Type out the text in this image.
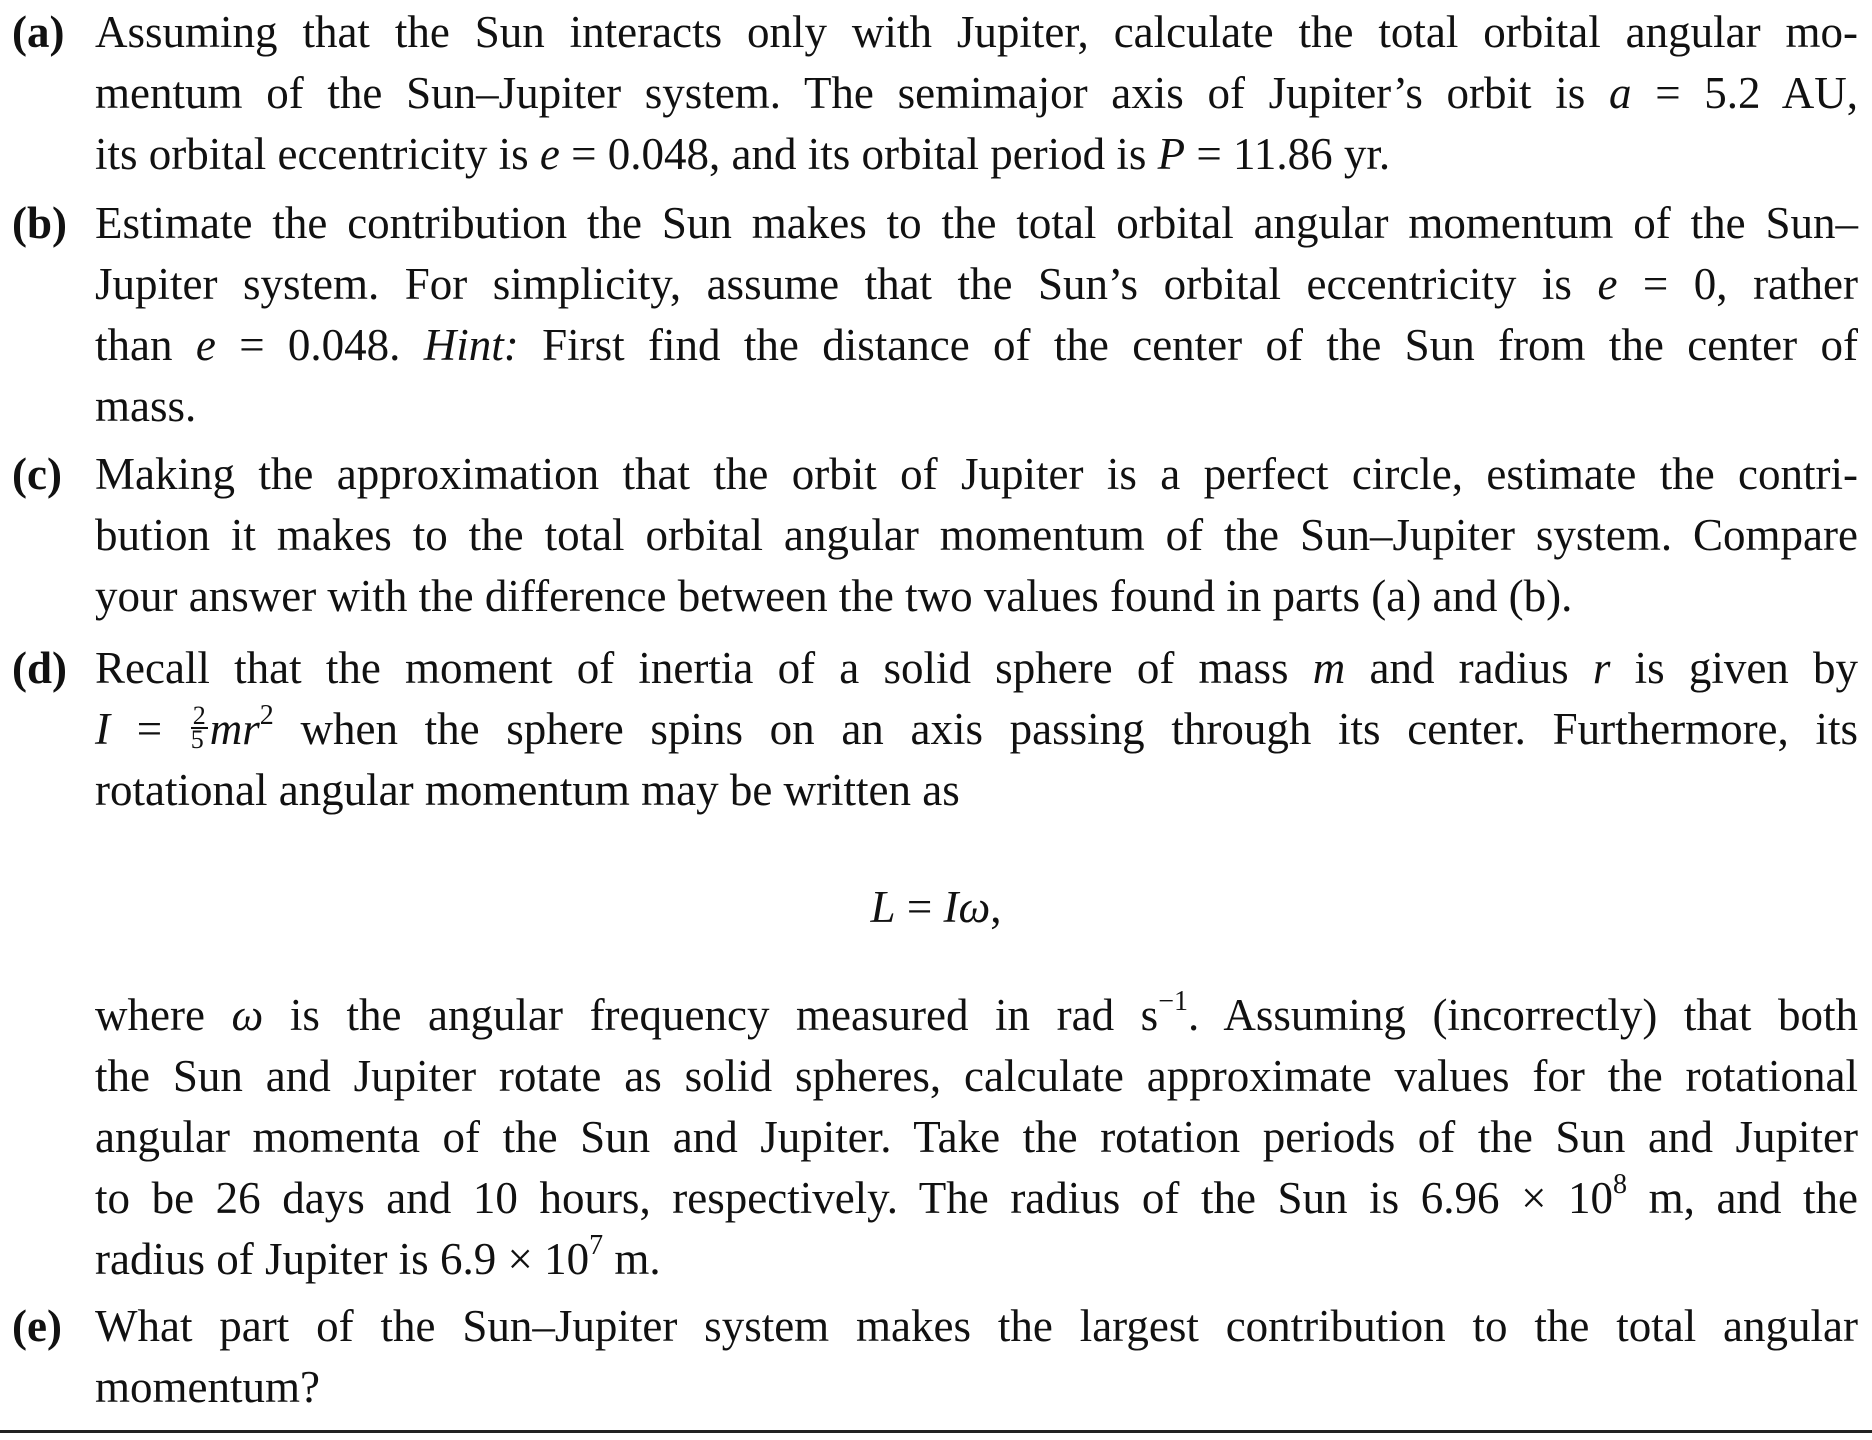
(a) Assuming that the Sun interacts only with Jupiter, calculate the total orbital angular mo-
mentum of the Sun–Jupiter system. The semimajor axis of Jupiter’s orbit is a = 5.2 AU,
its orbital eccentricity is e = 0.048, and its orbital period is P = 11.86 yr.
(b) Estimate the contribution the Sun makes to the total orbital angular momentum of the Sun–
Jupiter system. For simplicity, assume that the Sun’s orbital eccentricity is e = 0, rather
than e = 0.048. Hint: First find the distance of the center of the Sun from the center of
mass.
(c) Making the approximation that the orbit of Jupiter is a perfect circle, estimate the contri-
bution it makes to the total orbital angular momentum of the Sun–Jupiter system. Compare
your answer with the difference between the two values found in parts (a) and (b).
(d) Recall that the moment of inertia of a solid sphere of mass m and radius r is given by
$I = \frac{2}{5} mr^2$ when the sphere spins on an axis passing through its center. Furthermore, its
rotational angular momentum may be written as
L = Iω,
where ω is the angular frequency measured in rad $s^{-1}$. Assuming (incorrectly) that both
the Sun and Jupiter rotate as solid spheres, calculate approximate values for the rotational
angular momenta of the Sun and Jupiter. Take the rotation periods of the Sun and Jupiter
to be 26 days and 10 hours, respectively. The radius of the Sun is $6.96 \times 10^8$ m, and the
radius of Jupiter is $6.9 \times 10^7$ m.
(e) What part of the Sun–Jupiter system makes the largest contribution to the total angular
momentum?
